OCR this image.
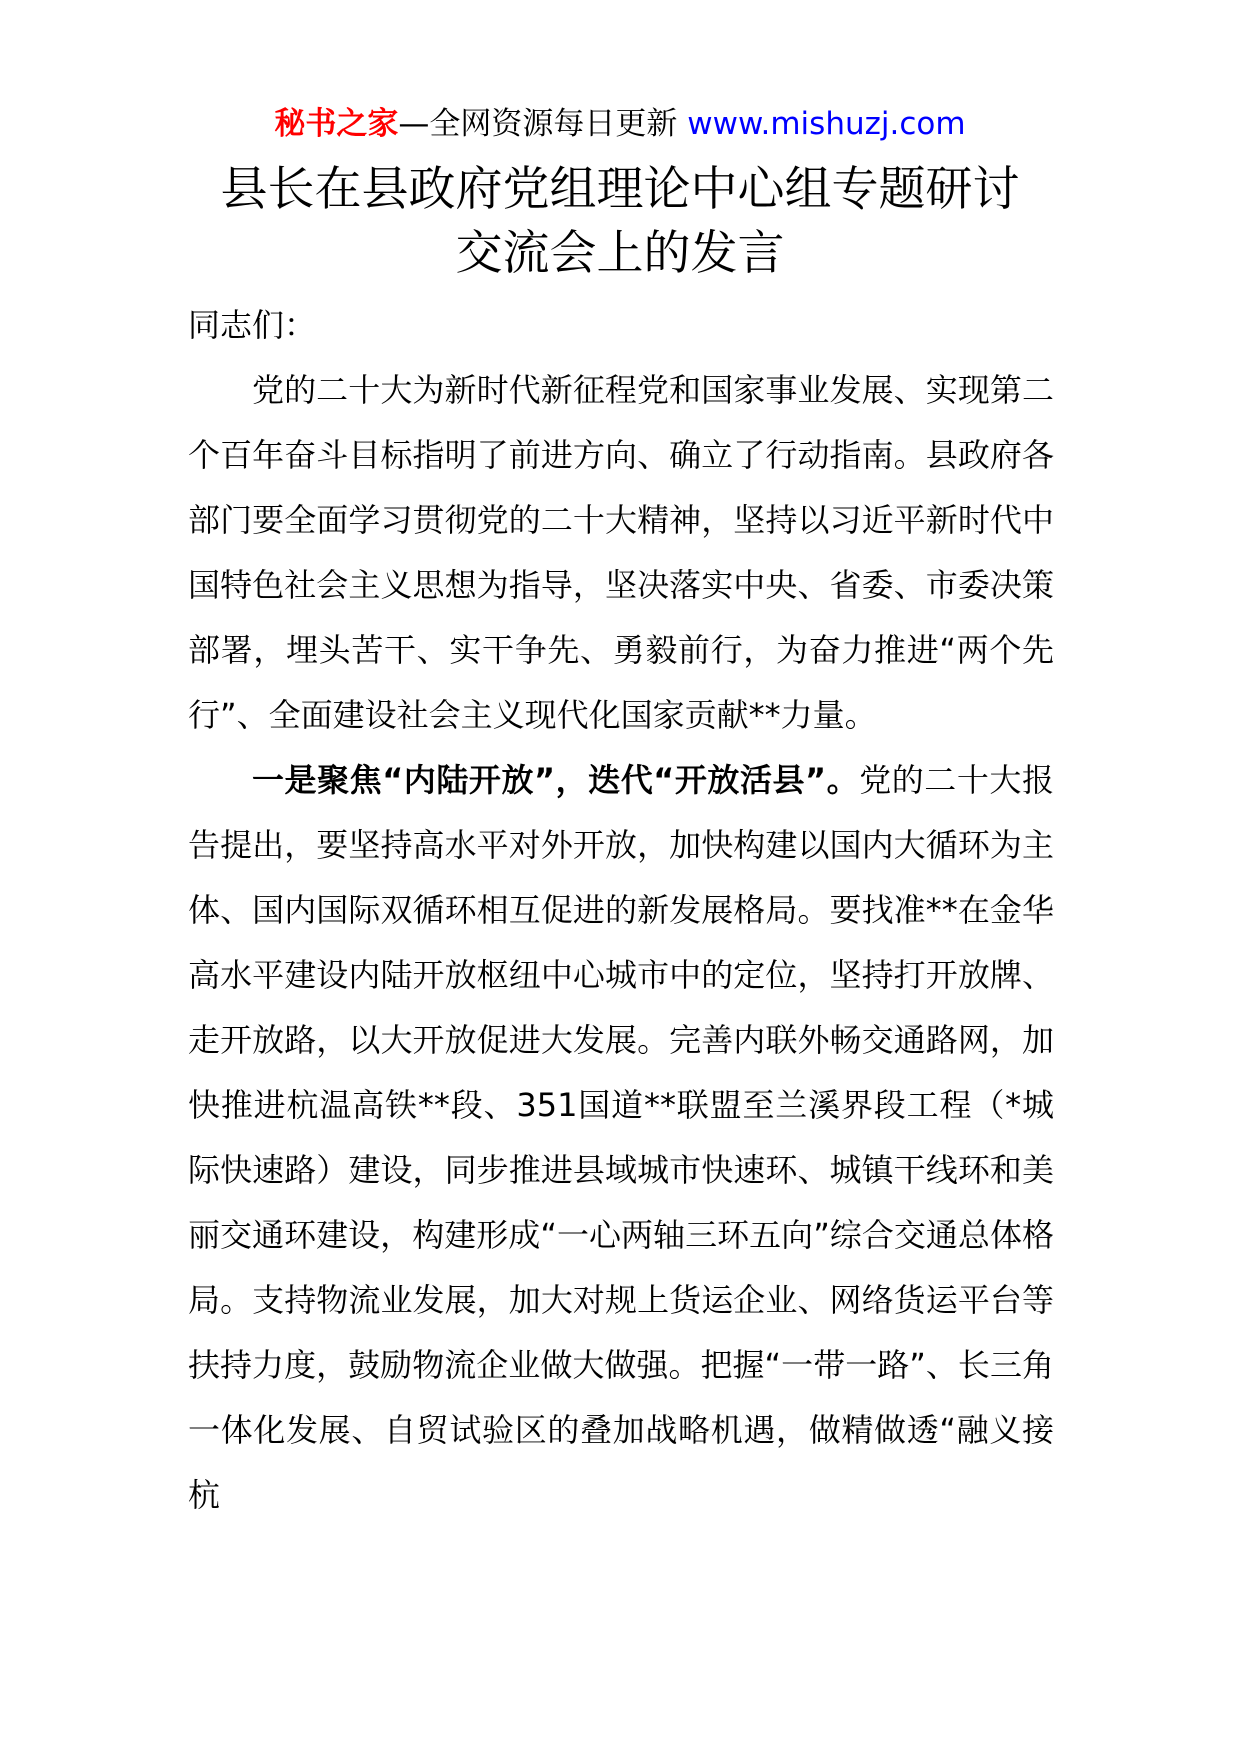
秘书之家—全网资源每日更新 www.mishuzj.com
县长在县政府党组理论中心组专题研讨
交流会上的发言

同志们：

党的二十大为新时代新征程党和国家事业发展、实现第二个百年奋斗目标指明了前进方向、确立了行动指南。县政府各部门要全面学习贯彻党的二十大精神，坚持以习近平新时代中国特色社会主义思想为指导，坚决落实中央、省委、市委决策部署，埋头苦干、实干争先、勇毅前行，为奋力推进“两个先行”、全面建设社会主义现代化国家贡献**力量。

一是聚焦“内陆开放”，迭代“开放活县”。党的二十大报告提出，要坚持高水平对外开放，加快构建以国内大循环为主体、国内国际双循环相互促进的新发展格局。要找准**在金华高水平建设内陆开放枢纽中心城市中的定位，坚持打开放牌、走开放路，以大开放促进大发展。完善内联外畅交通路网，加快推进杭温高铁**段、351国道**联盟至兰溪界段工程（*城际快速路）建设，同步推进县域城市快速环、城镇干线环和美丽交通环建设，构建形成“一心两轴三环五向”综合交通总体格局。支持物流业发展，加大对规上货运企业、网络货运平台等扶持力度，鼓励物流企业做大做强。把握“一带一路”、长三角一体化发展、自贸试验区的叠加战略机遇，做精做透“融义接杭
